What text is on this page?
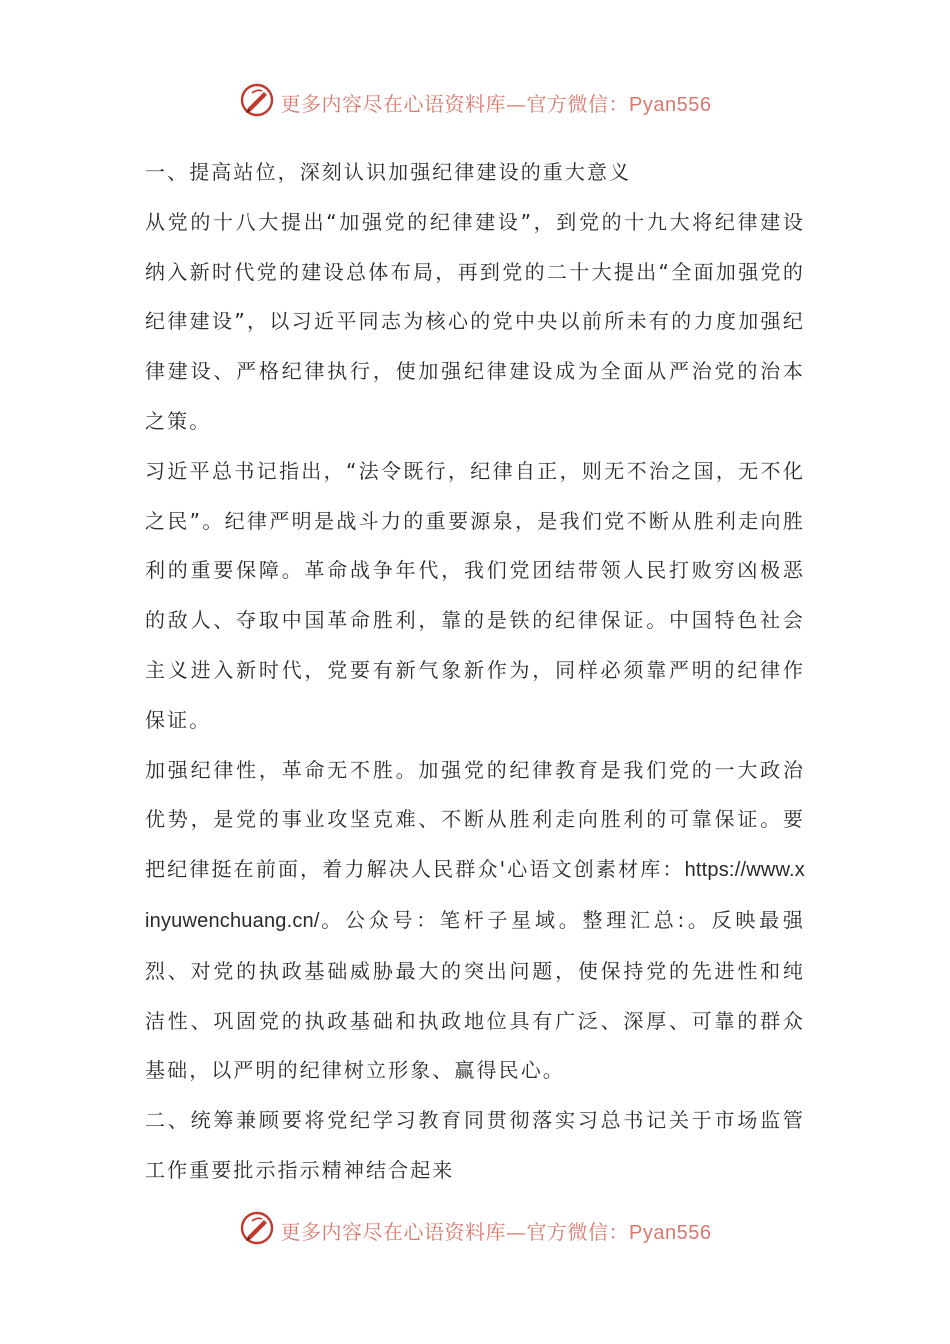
更多内容尽在心语资料库—官方微信：Pyan556

一、提高站位，深刻认识加强纪律建设的重大意义

从党的十八大提出“加强党的纪律建设”，到党的十九大将纪律建设纳入新时代党的建设总体布局，再到党的二十大提出“全面加强党的纪律建设”，以习近平同志为核心的党中央以前所未有的力度加强纪律建设、严格纪律执行，使加强纪律建设成为全面从严治党的治本之策。

习近平总书记指出，“法令既行，纪律自正，则无不治之国，无不化之民”。纪律严明是战斗力的重要源泉，是我们党不断从胜利走向胜利的重要保障。革命战争年代，我们党团结带领人民打败穷凶极恶的敌人、夺取中国革命胜利，靠的是铁的纪律保证。中国特色社会主义进入新时代，党要有新气象新作为，同样必须靠严明的纪律作保证。

加强纪律性，革命无不胜。加强党的纪律教育是我们党的一大政治优势，是党的事业攻坚克难、不断从胜利走向胜利的可靠保证。要把纪律挺在前面，着力解决人民群众'心语文创素材库：https://www.xinyuwenchuang.cn/。公众号：笔杆子星域。整理汇总:。反映最强烈、对党的执政基础威胁最大的突出问题，使保持党的先进性和纯洁性、巩固党的执政基础和执政地位具有广泛、深厚、可靠的群众基础，以严明的纪律树立形象、赢得民心。

二、统筹兼顾要将党纪学习教育同贯彻落实习总书记关于市场监管工作重要批示指示精神结合起来

更多内容尽在心语资料库—官方微信：Pyan556
